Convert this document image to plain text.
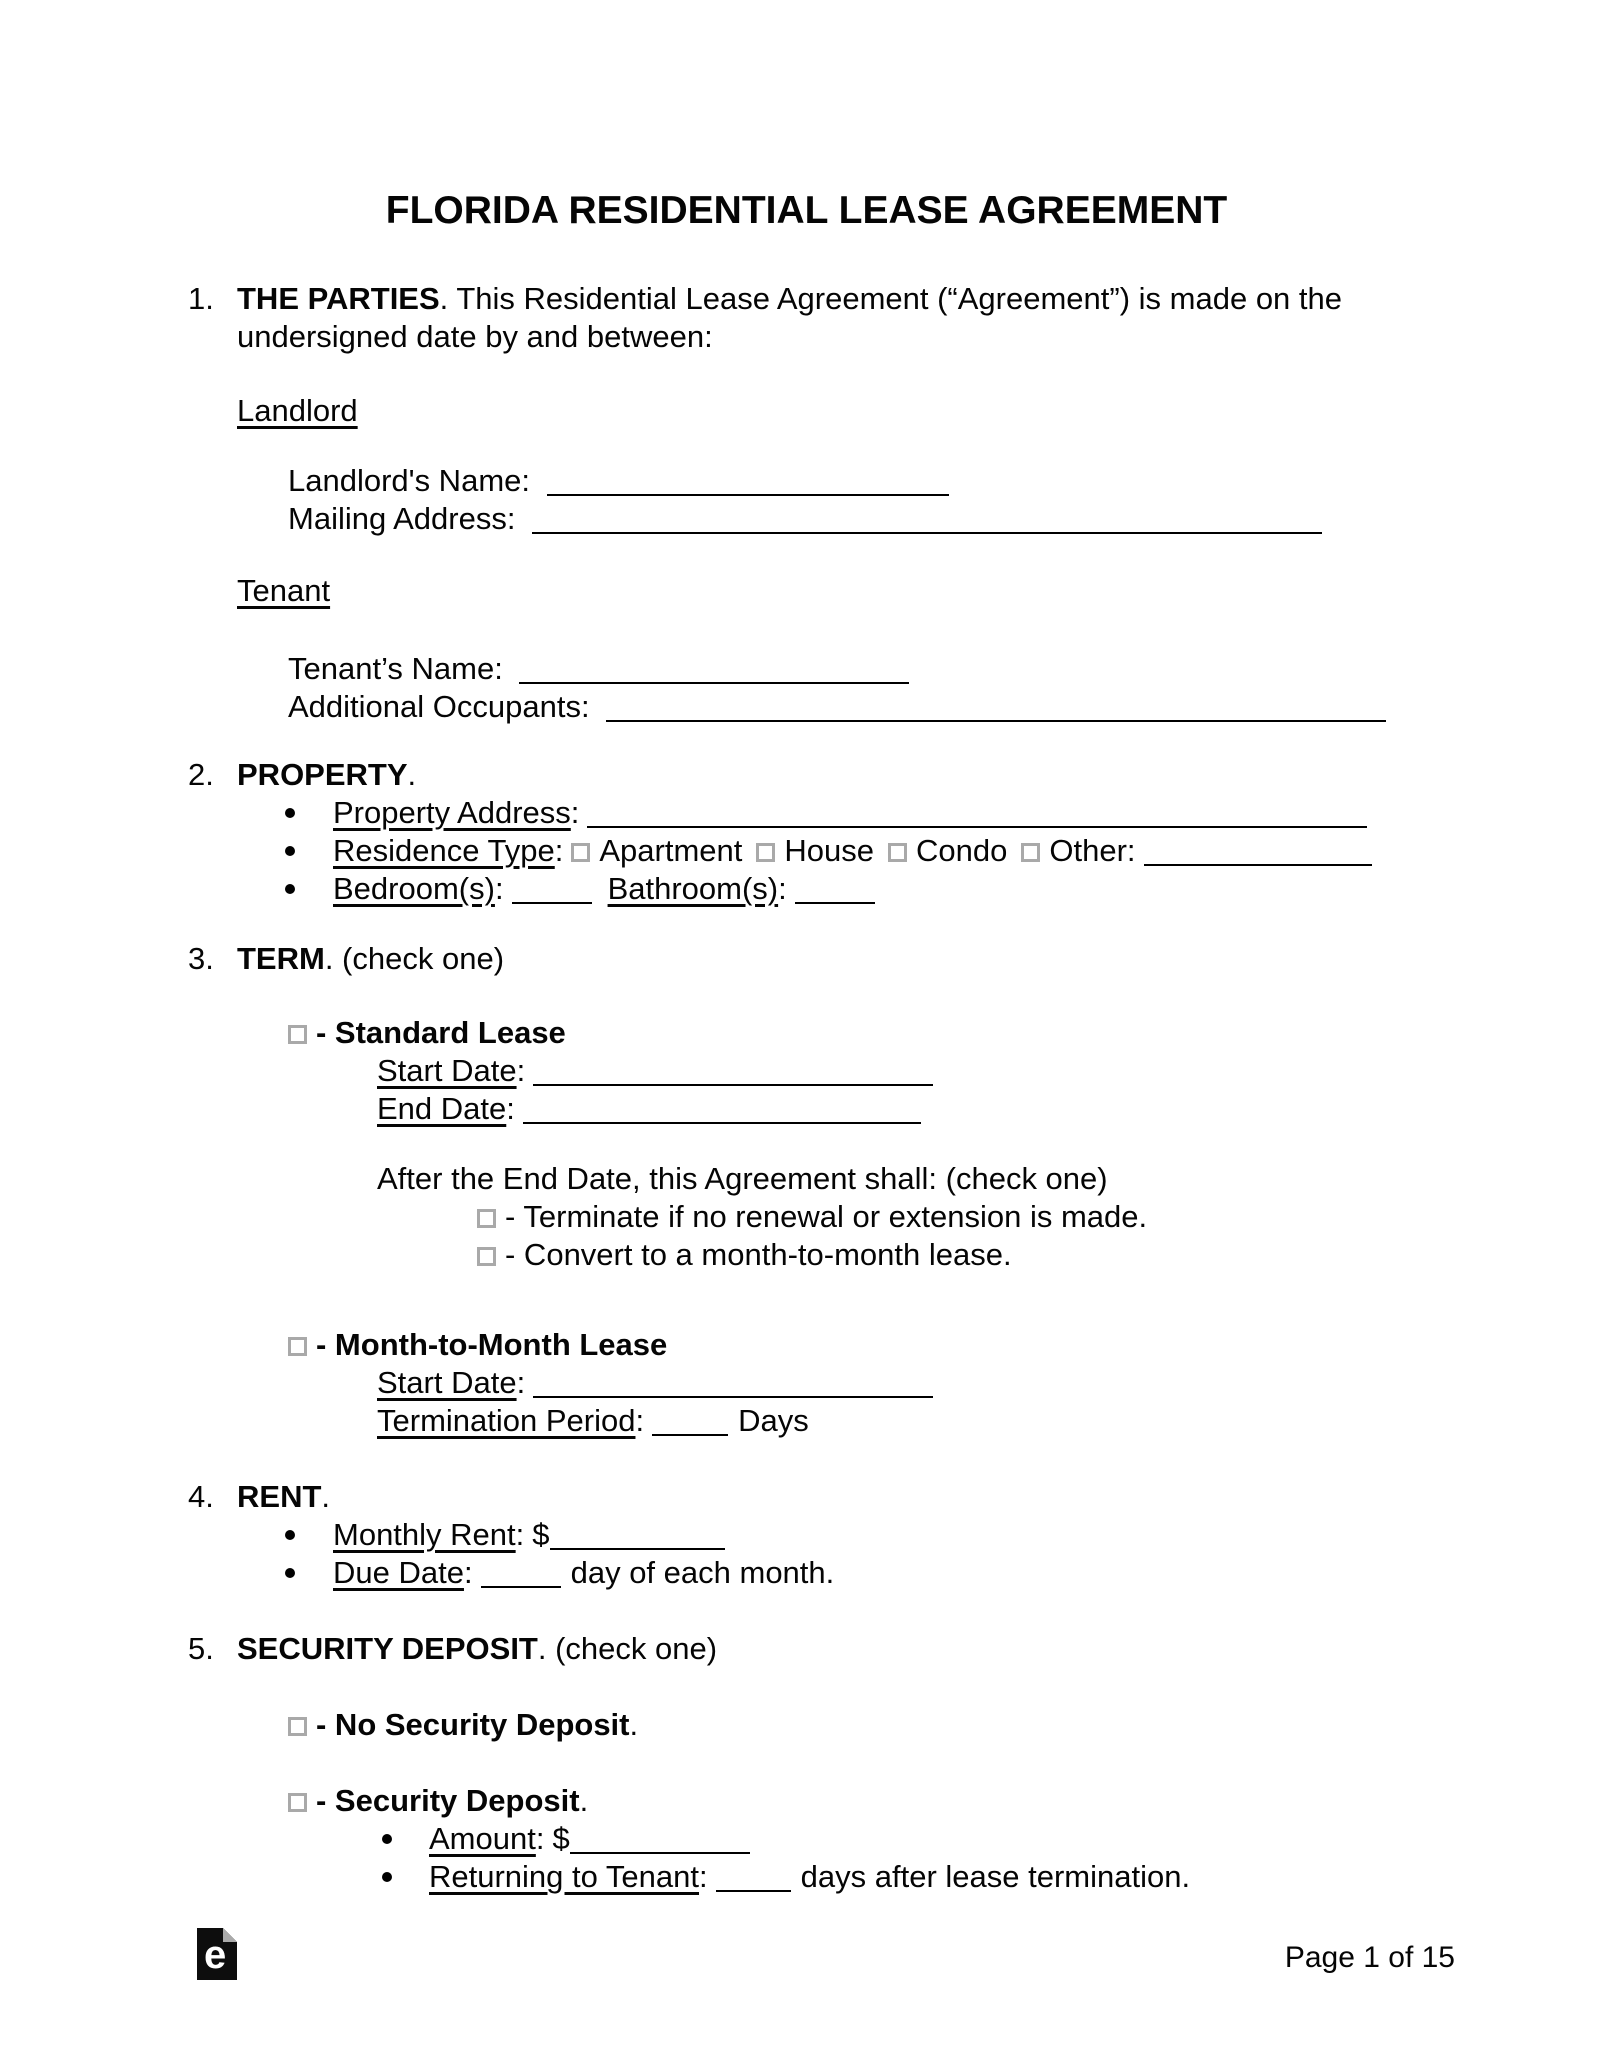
FLORIDA RESIDENTIAL LEASE AGREEMENT
1. THE PARTIES. This Residential Lease Agreement (“Agreement”) is made on the undersigned date by and between:
Landlord
Landlord's Name:
Mailing Address:
Tenant
Tenant’s Name:
Additional Occupants:
2. PROPERTY.
Property Address:
Residence Type: Apartment House Condo Other:
Bedroom(s):	Bathroom(s):
3. TERM. (check one)
- Standard Lease
Start Date:
End Date:
After the End Date, this Agreement shall: (check one)
- Terminate if no renewal or extension is made.
- Convert to a month-to-month lease.
- Month-to-Month Lease
Start Date:
Termination Period:	Days
4. RENT.
Monthly Rent: $
Due Date:	day of each month.
5. SECURITY DEPOSIT. (check one)
- No Security Deposit.
- Security Deposit.
Amount: $
Returning to Tenant:	days after lease termination.
e	Page 1 of 15
